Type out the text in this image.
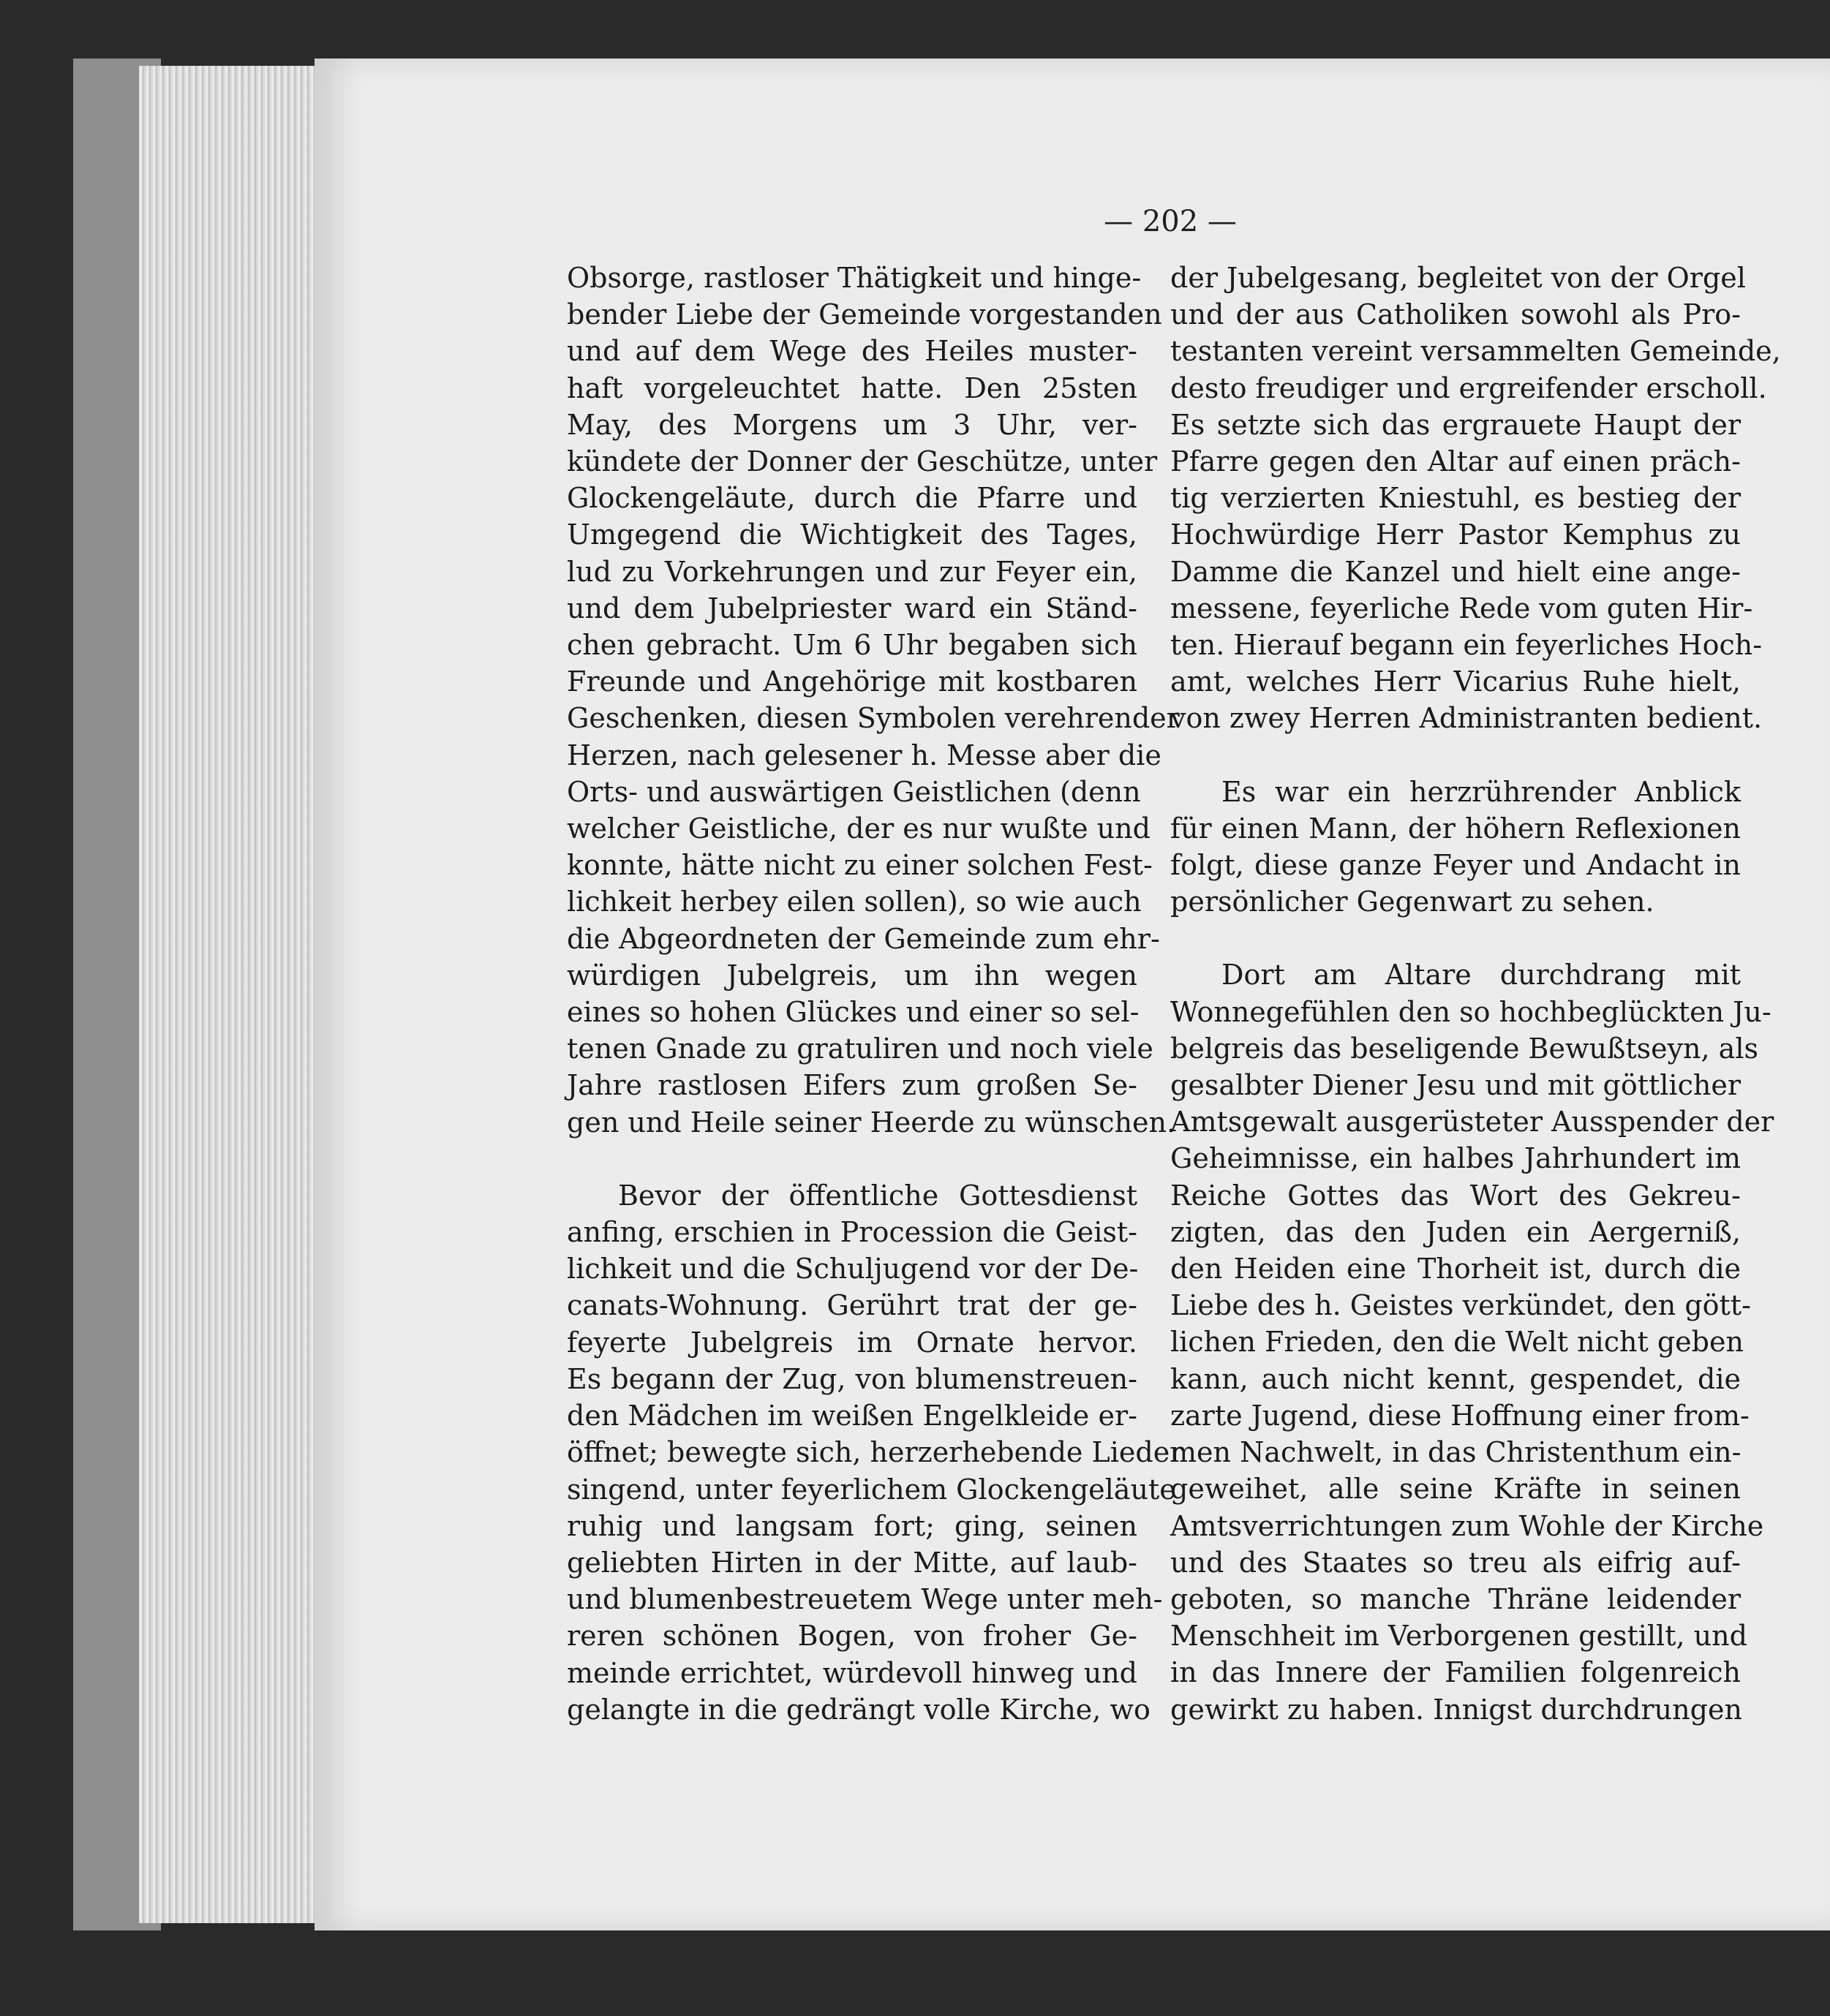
— 202 —
Obsorge, rastloser Thätigkeit und hinge-
bender Liebe der Gemeinde vorgestanden
und auf dem Wege des Heiles muster-
haft vorgeleuchtet hatte. Den 25sten
May, des Morgens um 3 Uhr, ver-
kündete der Donner der Geschütze, unter
Glockengeläute, durch die Pfarre und
Umgegend die Wichtigkeit des Tages,
lud zu Vorkehrungen und zur Feyer ein,
und dem Jubelpriester ward ein Ständ-
chen gebracht. Um 6 Uhr begaben sich
Freunde und Angehörige mit kostbaren
Geschenken, diesen Symbolen verehrender
Herzen, nach gelesener h. Messe aber die
Orts- und auswärtigen Geistlichen (denn
welcher Geistliche, der es nur wußte und
konnte, hätte nicht zu einer solchen Fest-
lichkeit herbey eilen sollen), so wie auch
die Abgeordneten der Gemeinde zum ehr-
würdigen Jubelgreis, um ihn wegen
eines so hohen Glückes und einer so sel-
tenen Gnade zu gratuliren und noch viele
Jahre rastlosen Eifers zum großen Se-
gen und Heile seiner Heerde zu wünschen.
Bevor der öffentliche Gottesdienst
anfing, erschien in Procession die Geist-
lichkeit und die Schuljugend vor der De-
canats-Wohnung. Gerührt trat der ge-
feyerte Jubelgreis im Ornate hervor.
Es begann der Zug, von blumenstreuen-
den Mädchen im weißen Engelkleide er-
öffnet; bewegte sich, herzerhebende Lieder
singend, unter feyerlichem Glockengeläute
ruhig und langsam fort; ging, seinen
geliebten Hirten in der Mitte, auf laub-
und blumenbestreuetem Wege unter meh-
reren schönen Bogen, von froher Ge-
meinde errichtet, würdevoll hinweg und
gelangte in die gedrängt volle Kirche, wo
der Jubelgesang, begleitet von der Orgel
und der aus Catholiken sowohl als Pro-
testanten vereint versammelten Gemeinde,
desto freudiger und ergreifender erscholl.
Es setzte sich das ergrauete Haupt der
Pfarre gegen den Altar auf einen präch-
tig verzierten Kniestuhl, es bestieg der
Hochwürdige Herr Pastor Kemphus zu
Damme die Kanzel und hielt eine ange-
messene, feyerliche Rede vom guten Hir-
ten. Hierauf begann ein feyerliches Hoch-
amt, welches Herr Vicarius Ruhe hielt,
von zwey Herren Administranten bedient.
Es war ein herzrührender Anblick
für einen Mann, der höhern Reflexionen
folgt, diese ganze Feyer und Andacht in
persönlicher Gegenwart zu sehen.
Dort am Altare durchdrang mit
Wonnegefühlen den so hochbeglückten Ju-
belgreis das beseligende Bewußtseyn, als
gesalbter Diener Jesu und mit göttlicher
Amtsgewalt ausgerüsteter Ausspender der
Geheimnisse, ein halbes Jahrhundert im
Reiche Gottes das Wort des Gekreu-
zigten, das den Juden ein Aergerniß,
den Heiden eine Thorheit ist, durch die
Liebe des h. Geistes verkündet, den gött-
lichen Frieden, den die Welt nicht geben
kann, auch nicht kennt, gespendet, die
zarte Jugend, diese Hoffnung einer from-
men Nachwelt, in das Christenthum ein-
geweihet, alle seine Kräfte in seinen
Amtsverrichtungen zum Wohle der Kirche
und des Staates so treu als eifrig auf-
geboten, so manche Thräne leidender
Menschheit im Verborgenen gestillt, und
in das Innere der Familien folgenreich
gewirkt zu haben. Innigst durchdrungen
